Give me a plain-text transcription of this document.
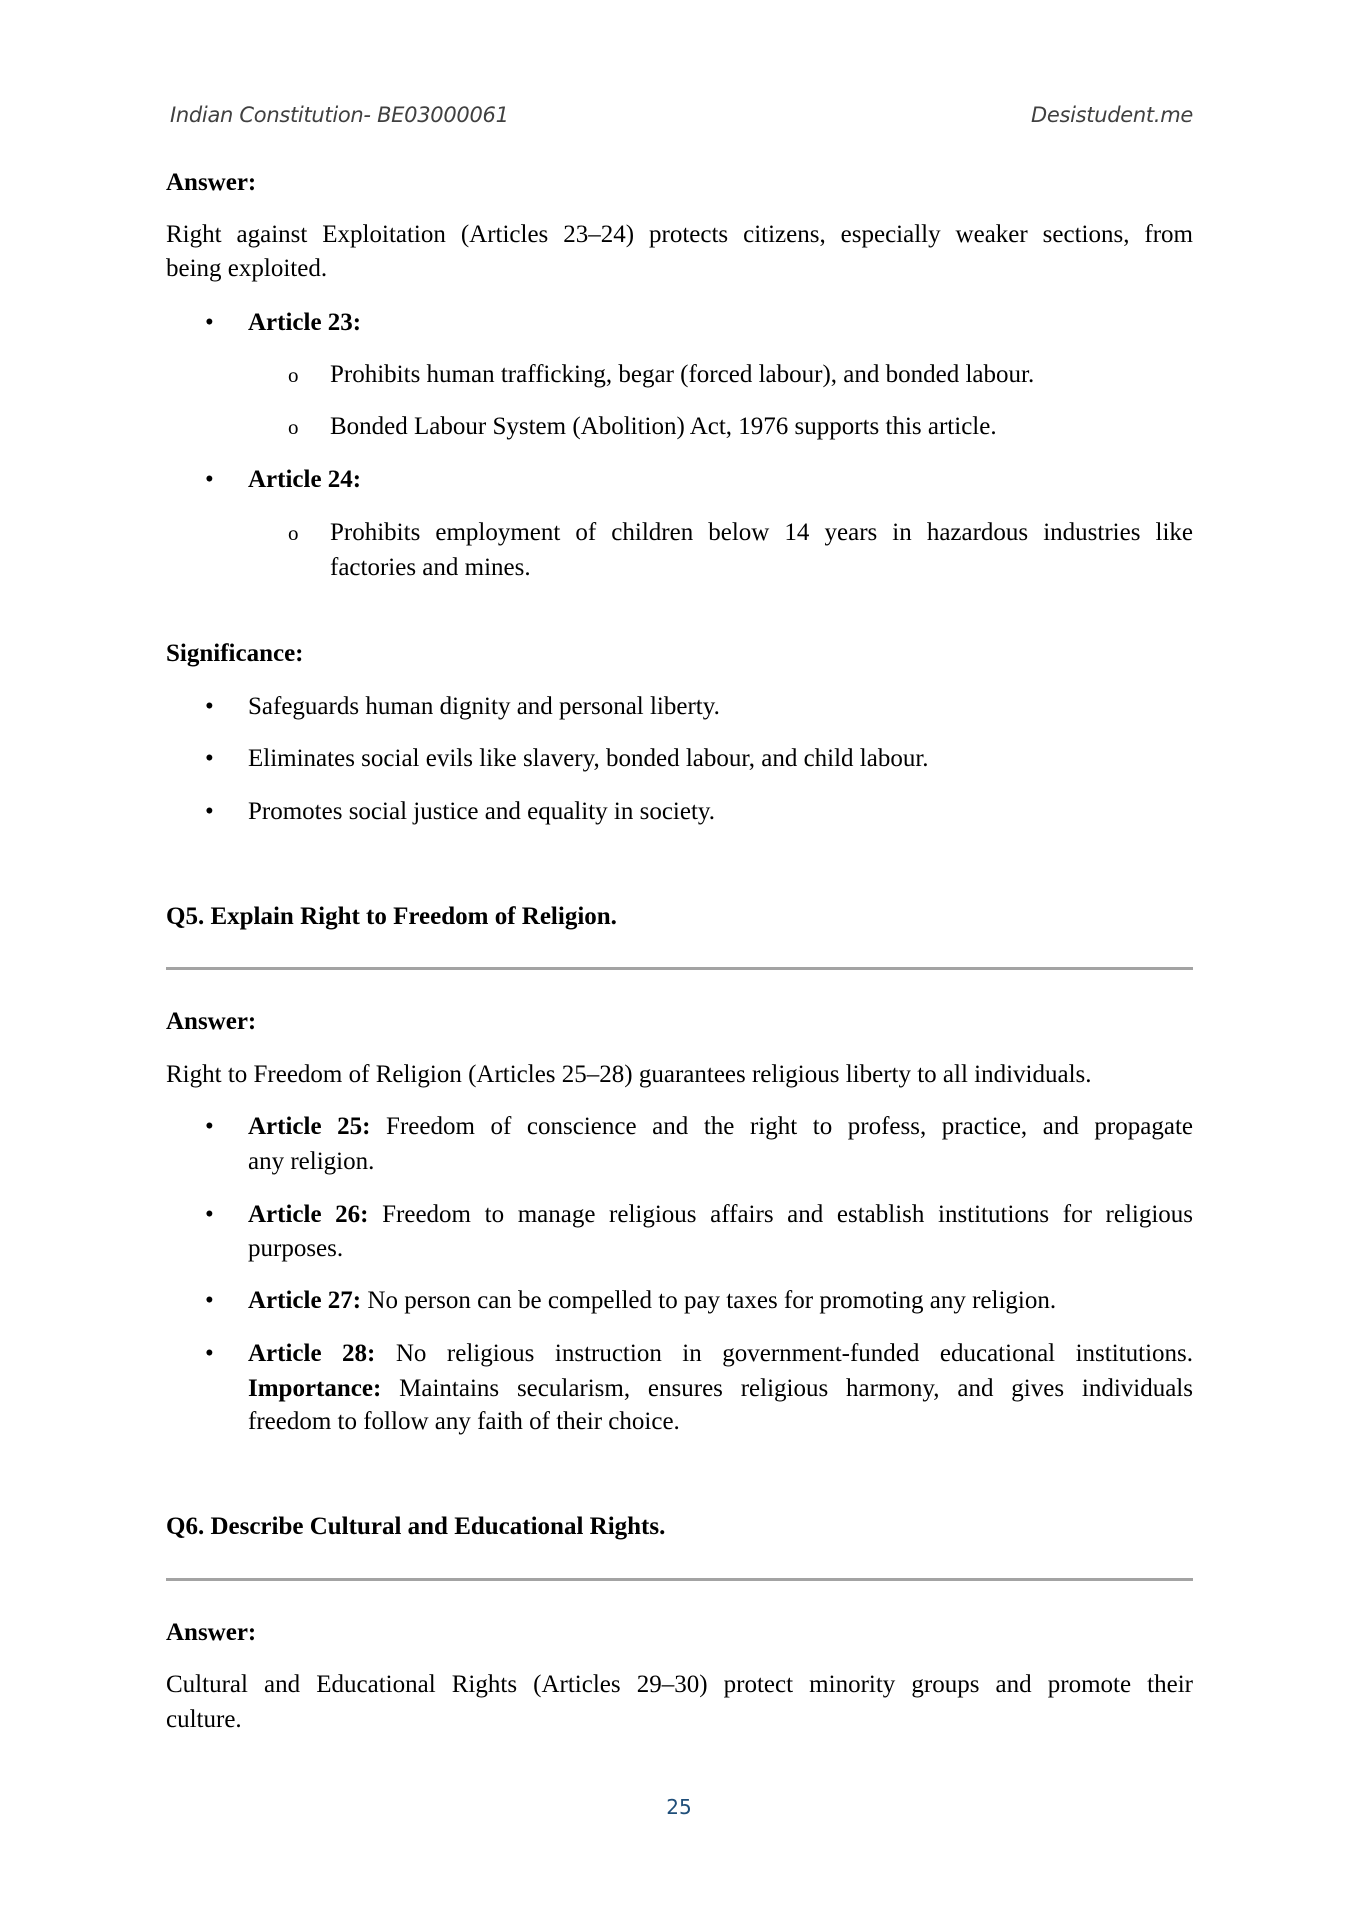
Indian Constitution- BE03000061	Desistudent.me
Answer:
Right against Exploitation (Articles 23–24) protects citizens, especially weaker sections, from
being exploited.
• Article 23:
o Prohibits human trafficking, begar (forced labour), and bonded labour.
o Bonded Labour System (Abolition) Act, 1976 supports this article.
• Article 24:
o Prohibits employment of children below 14 years in hazardous industries like
factories and mines.
Significance:
• Safeguards human dignity and personal liberty.
• Eliminates social evils like slavery, bonded labour, and child labour.
• Promotes social justice and equality in society.
Q5. Explain Right to Freedom of Religion.
Answer:
Right to Freedom of Religion (Articles 25–28) guarantees religious liberty to all individuals.
• Article 25: Freedom of conscience and the right to profess, practice, and propagate
any religion.
• Article 26: Freedom to manage religious affairs and establish institutions for religious
purposes.
• Article 27: No person can be compelled to pay taxes for promoting any religion.
• Article 28: No religious instruction in government-funded educational institutions.
Importance: Maintains secularism, ensures religious harmony, and gives individuals
freedom to follow any faith of their choice.
Q6. Describe Cultural and Educational Rights.
Answer:
Cultural and Educational Rights (Articles 29–30) protect minority groups and promote their
culture.
25
